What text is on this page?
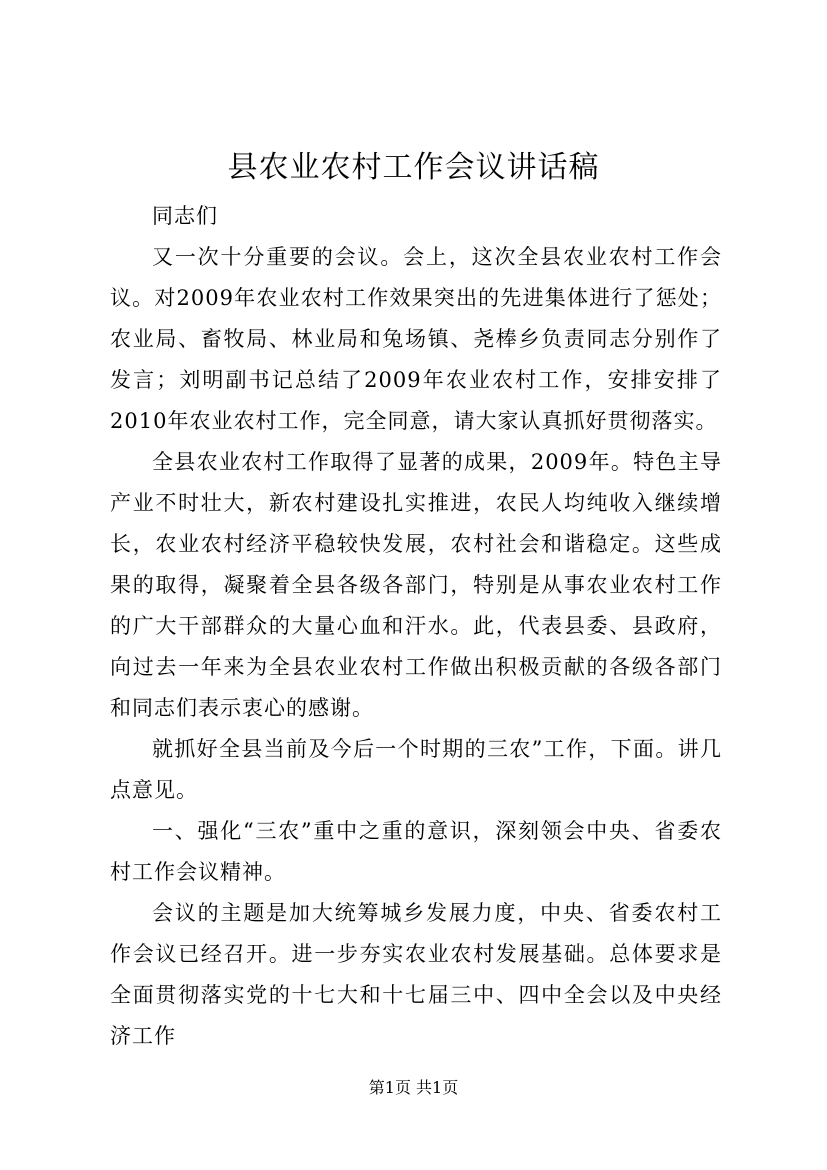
县农业农村工作会议讲话稿

同志们

又一次十分重要的会议。会上，这次全县农业农村工作会议。对2009年农业农村工作效果突出的先进集体进行了惩处；农业局、畜牧局、林业局和兔场镇、尧棒乡负责同志分别作了发言；刘明副书记总结了2009年农业农村工作，安排安排了2010年农业农村工作，完全同意，请大家认真抓好贯彻落实。

全县农业农村工作取得了显著的成果，2009年。特色主导产业不时壮大，新农村建设扎实推进，农民人均纯收入继续增长，农业农村经济平稳较快发展，农村社会和谐稳定。这些成果的取得，凝聚着全县各级各部门，特别是从事农业农村工作的广大干部群众的大量心血和汗水。此，代表县委、县政府，向过去一年来为全县农业农村工作做出积极贡献的各级各部门和同志们表示衷心的感谢。

就抓好全县当前及今后一个时期的三农”工作，下面。讲几点意见。

一、强化“三农”重中之重的意识，深刻领会中央、省委农村工作会议精神。

会议的主题是加大统筹城乡发展力度，中央、省委农村工作会议已经召开。进一步夯实农业农村发展基础。总体要求是全面贯彻落实党的十七大和十七届三中、四中全会以及中央经济工作

第1页 共1页
